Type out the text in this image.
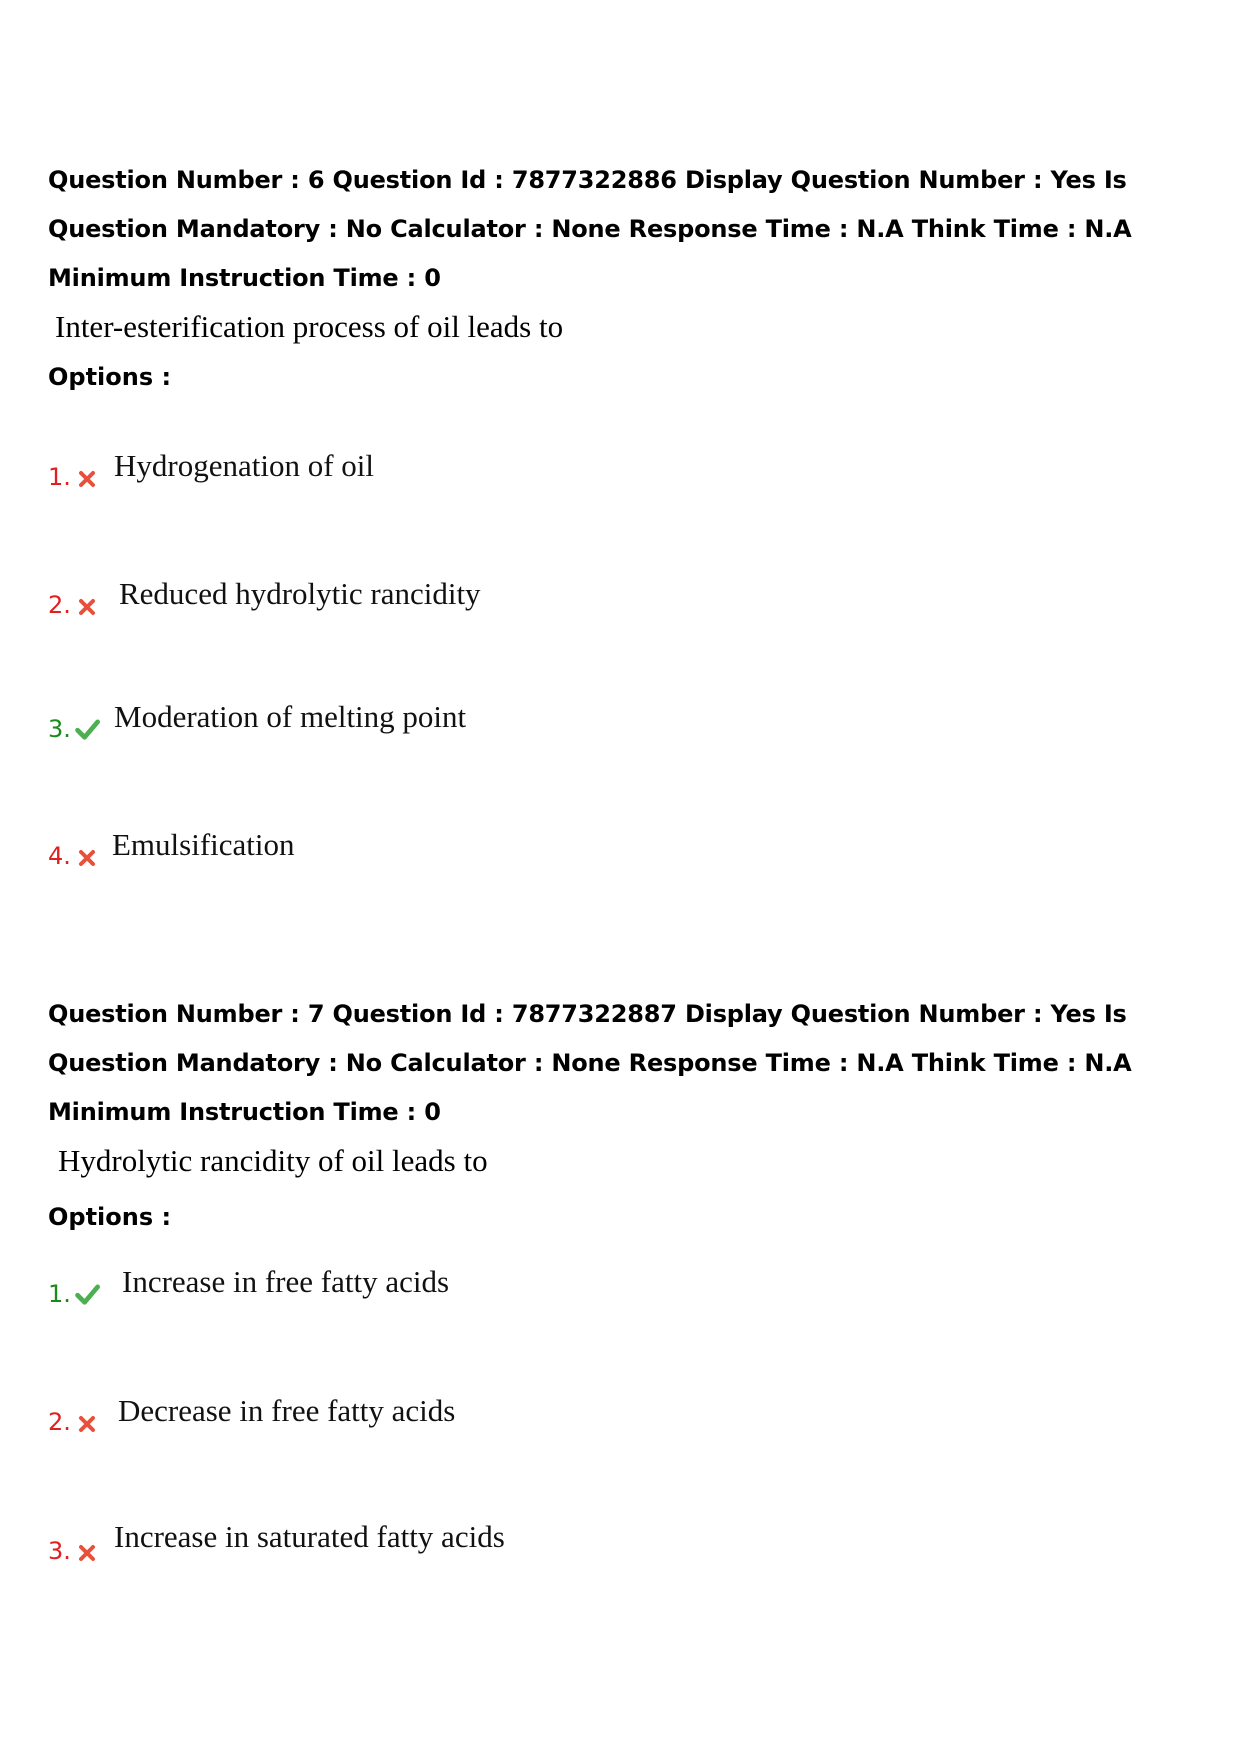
Question Number : 6 Question Id : 7877322886 Display Question Number : Yes Is Question Mandatory : No Calculator : None Response Time : N.A Think Time : N.A Minimum Instruction Time : 0

Inter-esterification process of oil leads to
Options :
1. Hydrogenation of oil
2. Reduced hydrolytic rancidity
3. Moderation of melting point
4. Emulsification

Question Number : 7 Question Id : 7877322887 Display Question Number : Yes Is Question Mandatory : No Calculator : None Response Time : N.A Think Time : N.A Minimum Instruction Time : 0

Hydrolytic rancidity of oil leads to
Options :
1. Increase in free fatty acids
2. Decrease in free fatty acids
3. Increase in saturated fatty acids
